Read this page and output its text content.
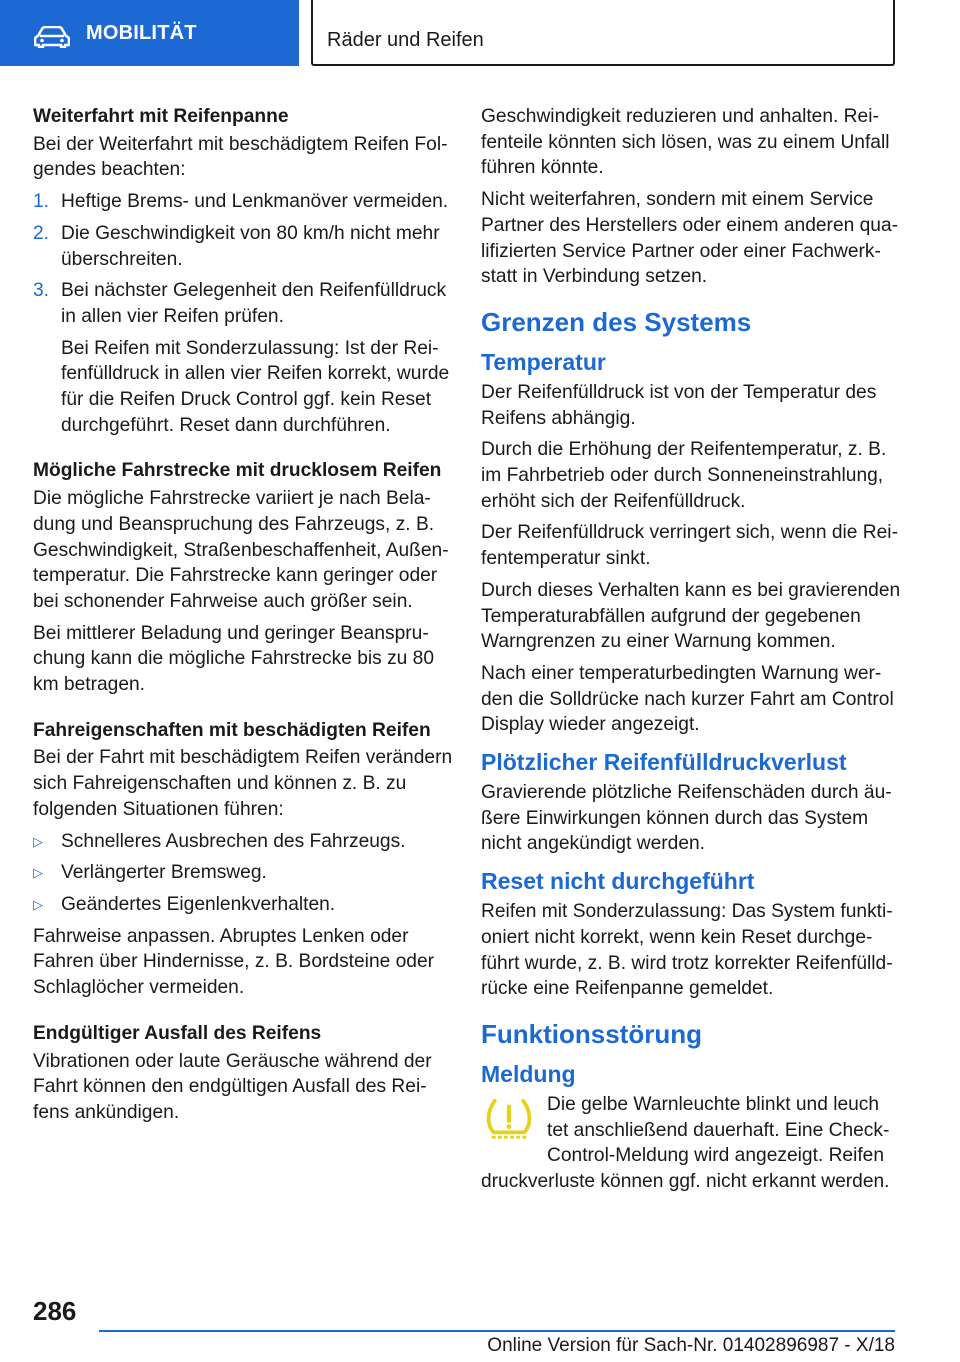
MOBILITÄT	Räder und Reifen
Weiterfahrt mit Reifenpanne

Bei der Weiterfahrt mit beschädigtem Reifen Folgendes beachten:

1. Heftige Brems- und Lenkmanöver vermeiden.
2. Die Geschwindigkeit von 80 km/h nicht mehr überschreiten.
3. Bei nächster Gelegenheit den Reifenfülldruck in allen vier Reifen prüfen.

Bei Reifen mit Sonderzulassung: Ist der Reifenfülldruck in allen vier Reifen korrekt, wurde für die Reifen Druck Control ggf. kein Reset durchgeführt. Reset dann durchführen.

Mögliche Fahrstrecke mit drucklosem Reifen

Die mögliche Fahrstrecke variiert je nach Beladung und Beanspruchung des Fahrzeugs, z. B. Geschwindigkeit, Straßenbeschaffenheit, Außentemperatur. Die Fahrstrecke kann geringer oder bei schonender Fahrweise auch größer sein.

Bei mittlerer Beladung und geringer Beanspruchung kann die mögliche Fahrstrecke bis zu 80 km betragen.

Fahreigenschaften mit beschädigten Reifen

Bei der Fahrt mit beschädigtem Reifen verändern sich Fahreigenschaften und können z. B. zu folgenden Situationen führen:

▷ Schnelleres Ausbrechen des Fahrzeugs.
▷ Verlängerter Bremsweg.
▷ Geändertes Eigenlenkverhalten.

Fahrweise anpassen. Abruptes Lenken oder Fahren über Hindernisse, z. B. Bordsteine oder Schlaglöcher vermeiden.

Endgültiger Ausfall des Reifens

Vibrationen oder laute Geräusche während der Fahrt können den endgültigen Ausfall des Reifens ankündigen.

Geschwindigkeit reduzieren und anhalten. Reifenteile könnten sich lösen, was zu einem Unfall führen könnte.

Nicht weiterfahren, sondern mit einem Service Partner des Herstellers oder einem anderen qualifizierten Service Partner oder einer Fachwerkstatt in Verbindung setzen.

Grenzen des Systems
Temperatur

Der Reifenfülldruck ist von der Temperatur des Reifens abhängig.

Durch die Erhöhung der Reifentemperatur, z. B. im Fahrbetrieb oder durch Sonneneinstrahlung, erhöht sich der Reifenfülldruck.

Der Reifenfülldruck verringert sich, wenn die Reifentemperatur sinkt.

Durch dieses Verhalten kann es bei gravierenden Temperaturabfällen aufgrund der gegebenen Warngrenzen zu einer Warnung kommen.

Nach einer temperaturbedingten Warnung werden die Solldrücke nach kurzer Fahrt am Control Display wieder angezeigt.

Plötzlicher Reifenfülldruckverlust

Gravierende plötzliche Reifenschäden durch äußere Einwirkungen können durch das System nicht angekündigt werden.

Reset nicht durchgeführt

Reifen mit Sonderzulassung: Das System funktioniert nicht korrekt, wenn kein Reset durchgeführt wurde, z. B. wird trotz korrekter Reifenfülldrücke eine Reifenpanne gemeldet.

Funktionsstörung
Meldung
Die gelbe Warnleuchte blinkt und leuch
tet anschließend dauerhaft. Eine Check-
Control-Meldung wird angezeigt. Reifen
druckverluste können ggf. nicht erkannt werden.
286
Online Version für Sach-Nr. 01402896987 - X/18
